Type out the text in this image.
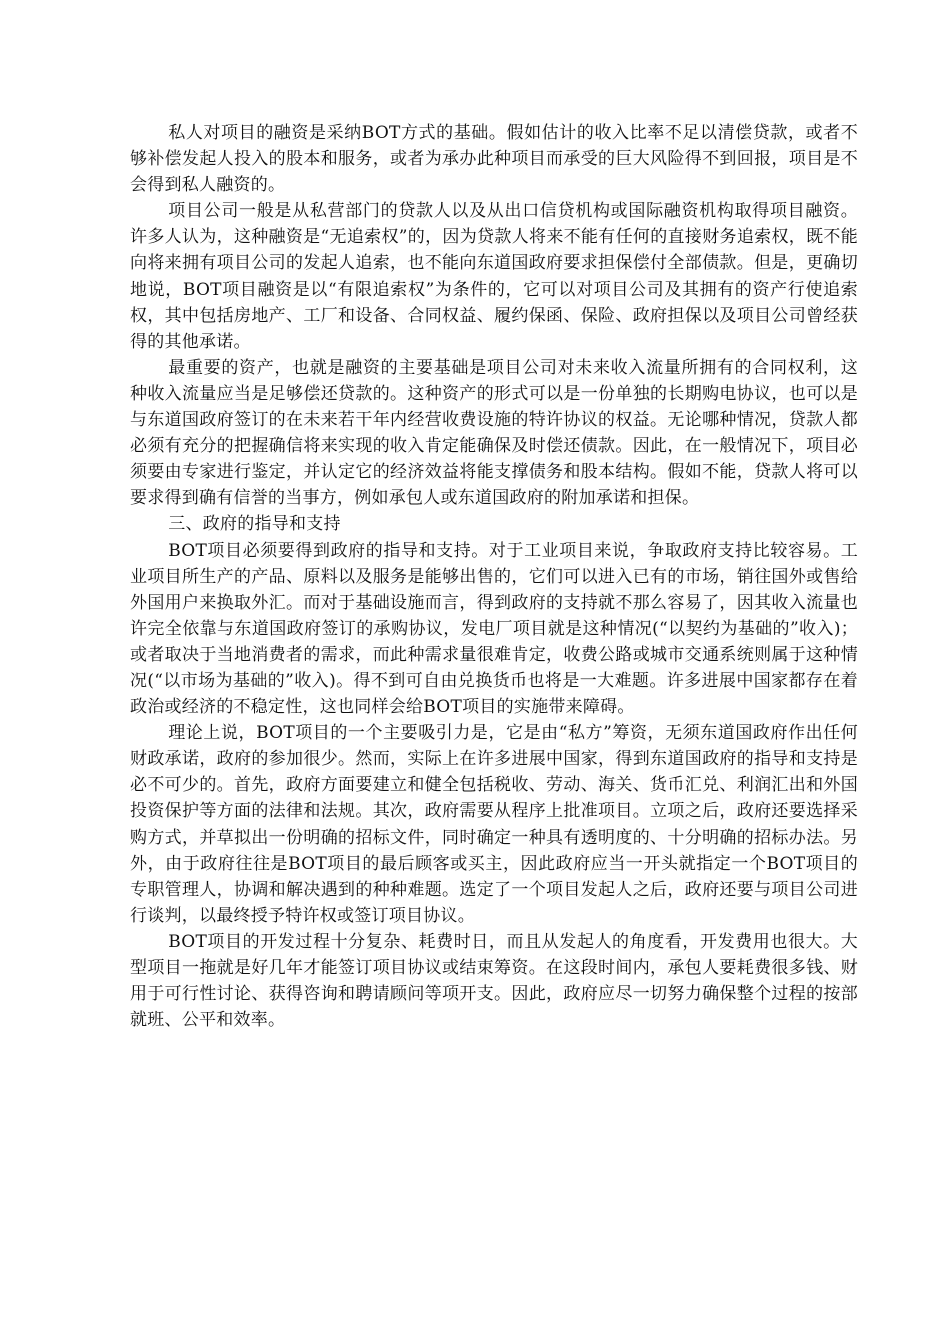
私人对项目的融资是采纳BOT方式的基础。假如估计的收入比率不足以清偿贷款，或者不够补偿发起人投入的股本和服务，或者为承办此种项目而承受的巨大风险得不到回报，项目是不会得到私人融资的。

项目公司一般是从私营部门的贷款人以及从出口信贷机构或国际融资机构取得项目融资。许多人认为，这种融资是“无追索权”的，因为贷款人将来不能有任何的直接财务追索权，既不能向将来拥有项目公司的发起人追索，也不能向东道国政府要求担保偿付全部债款。但是，更确切地说，BOT项目融资是以“有限追索权”为条件的，它可以对项目公司及其拥有的资产行使追索权，其中包括房地产、工厂和设备、合同权益、履约保函、保险、政府担保以及项目公司曾经获得的其他承诺。

最重要的资产，也就是融资的主要基础是项目公司对未来收入流量所拥有的合同权利，这种收入流量应当是足够偿还贷款的。这种资产的形式可以是一份单独的长期购电协议，也可以是与东道国政府签订的在未来若干年内经营收费设施的特许协议的权益。无论哪种情况，贷款人都必须有充分的把握确信将来实现的收入肯定能确保及时偿还债款。因此，在一般情况下，项目必须要由专家进行鉴定，并认定它的经济效益将能支撑债务和股本结构。假如不能，贷款人将可以要求得到确有信誉的当事方，例如承包人或东道国政府的附加承诺和担保。

三、政府的指导和支持

BOT项目必须要得到政府的指导和支持。对于工业项目来说，争取政府支持比较容易。工业项目所生产的产品、原料以及服务是能够出售的，它们可以进入已有的市场，销往国外或售给外国用户来换取外汇。而对于基础设施而言，得到政府的支持就不那么容易了，因其收入流量也许完全依靠与东道国政府签订的承购协议，发电厂项目就是这种情况(“以契约为基础的”收入)；或者取决于当地消费者的需求，而此种需求量很难肯定，收费公路或城市交通系统则属于这种情况(“以市场为基础的”收入)。得不到可自由兑换货币也将是一大难题。许多进展中国家都存在着政治或经济的不稳定性，这也同样会给BOT项目的实施带来障碍。

理论上说，BOT项目的一个主要吸引力是，它是由“私方”筹资，无须东道国政府作出任何财政承诺，政府的参加很少。然而，实际上在许多进展中国家，得到东道国政府的指导和支持是必不可少的。首先，政府方面要建立和健全包括税收、劳动、海关、货币汇兑、利润汇出和外国投资保护等方面的法律和法规。其次，政府需要从程序上批准项目。立项之后，政府还要选择采购方式，并草拟出一份明确的招标文件，同时确定一种具有透明度的、十分明确的招标办法。另外，由于政府往往是BOT项目的最后顾客或买主，因此政府应当一开头就指定一个BOT项目的专职管理人，协调和解决遇到的种种难题。选定了一个项目发起人之后，政府还要与项目公司进行谈判，以最终授予特许权或签订项目协议。

BOT项目的开发过程十分复杂、耗费时日，而且从发起人的角度看，开发费用也很大。大型项目一拖就是好几年才能签订项目协议或结束筹资。在这段时间内，承包人要耗费很多钱、财用于可行性讨论、获得咨询和聘请顾问等项开支。因此，政府应尽一切努力确保整个过程的按部就班、公平和效率。
